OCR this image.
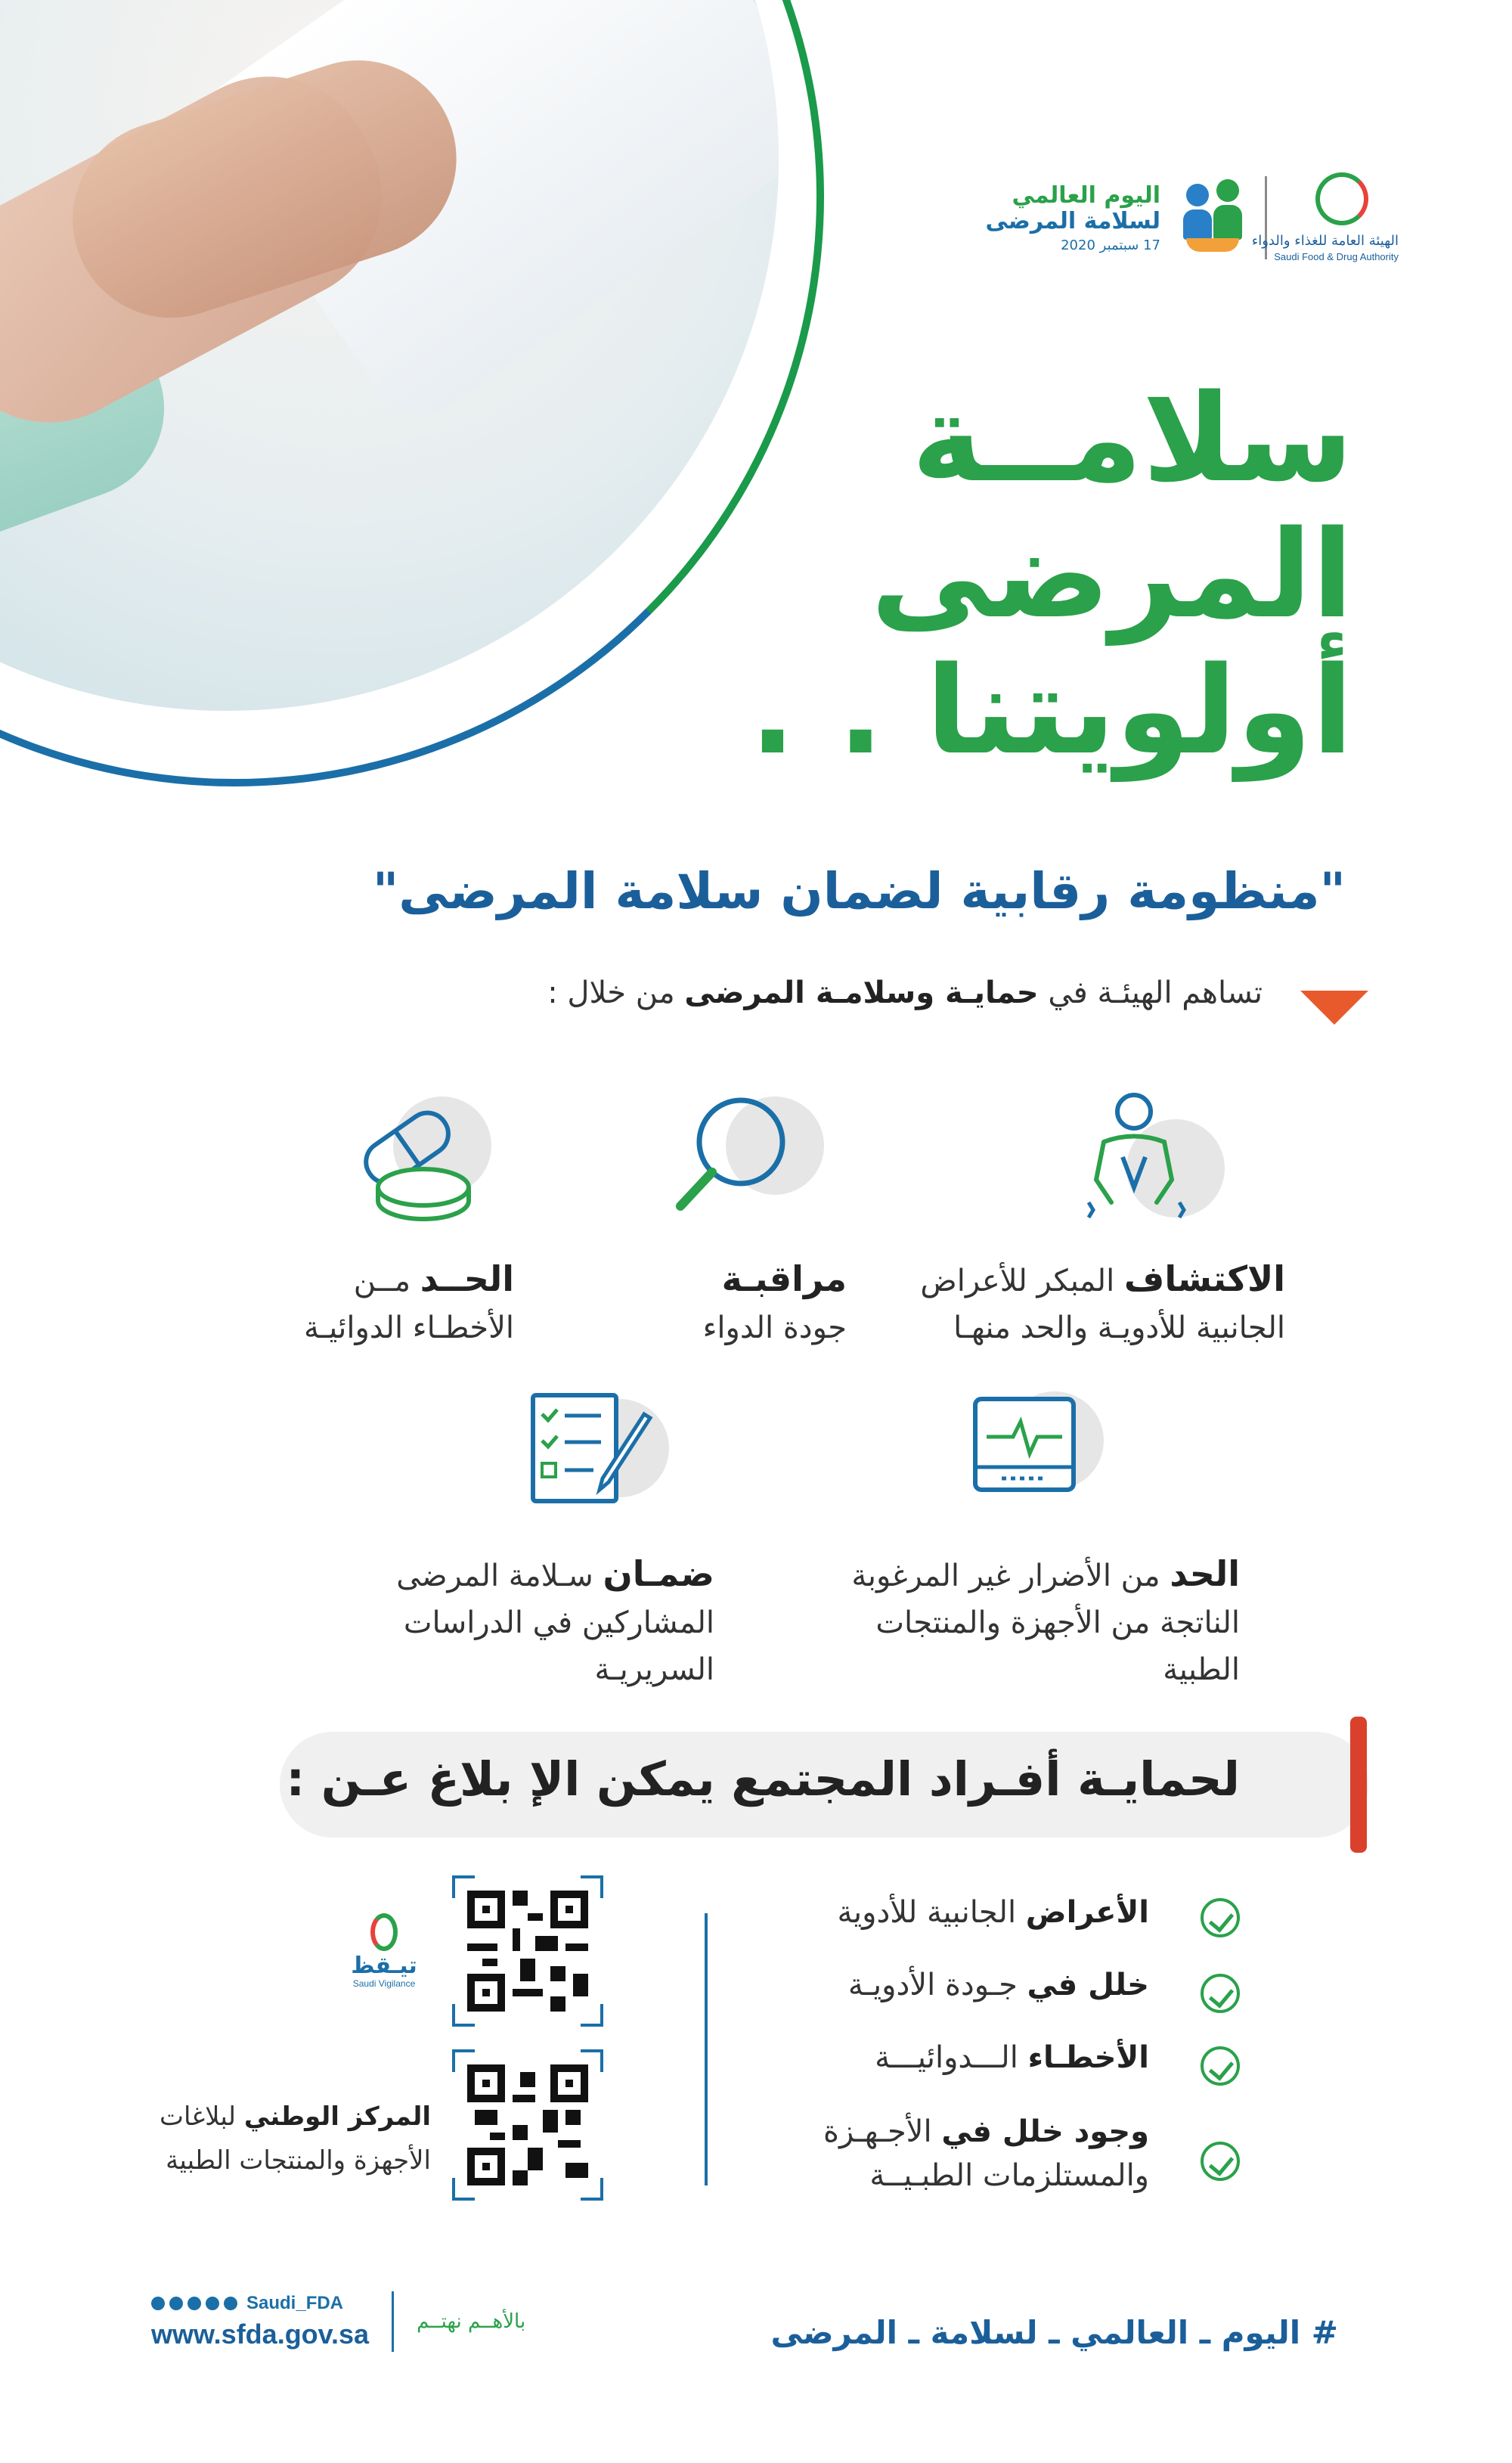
الهيئة العامة للغذاء والدواء
Saudi Food & Drug Authority
اليوم العالمي
لسلامة المرضى
17 سبتمبر 2020
سلامــة
المرضى
أولويتنا . .
"منظومة رقابية لضمان سلامة المرضى"
تساهم الهيئـة في حمايـة وسلامـة المرضى من خلال :
الاكتشاف المبكر للأعراض
الجانبية للأدويـة والحد منهـا
مراقبـة
جودة الدواء
الحــد مــن
الأخطـاء الدوائيـة
الحد من الأضرار غير المرغوبة
الناتجة من الأجهزة والمنتجات
الطبية
ضمـان سـلامة المرضى
المشاركين في الدراسات
السريريـة
لحمايـة أفـراد المجتمع يمكن الإ بلاغ عـن :
الأعراض الجانبية للأدوية
خلل في جـودة الأدويـة
الأخطـاء الـــدوائيـــة
وجود خلل في الأجـهـزة
والمستلزمات الطبـيــة
تيـقظ
Saudi Vigilance
المركز الوطني لبلاغات
الأجهزة والمنتجات الطبية
# اليوم ـ العالمي ـ لسلامة ـ المرضى
بالأهــم نهتــم
Saudi_FDA
www.sfda.gov.sa
